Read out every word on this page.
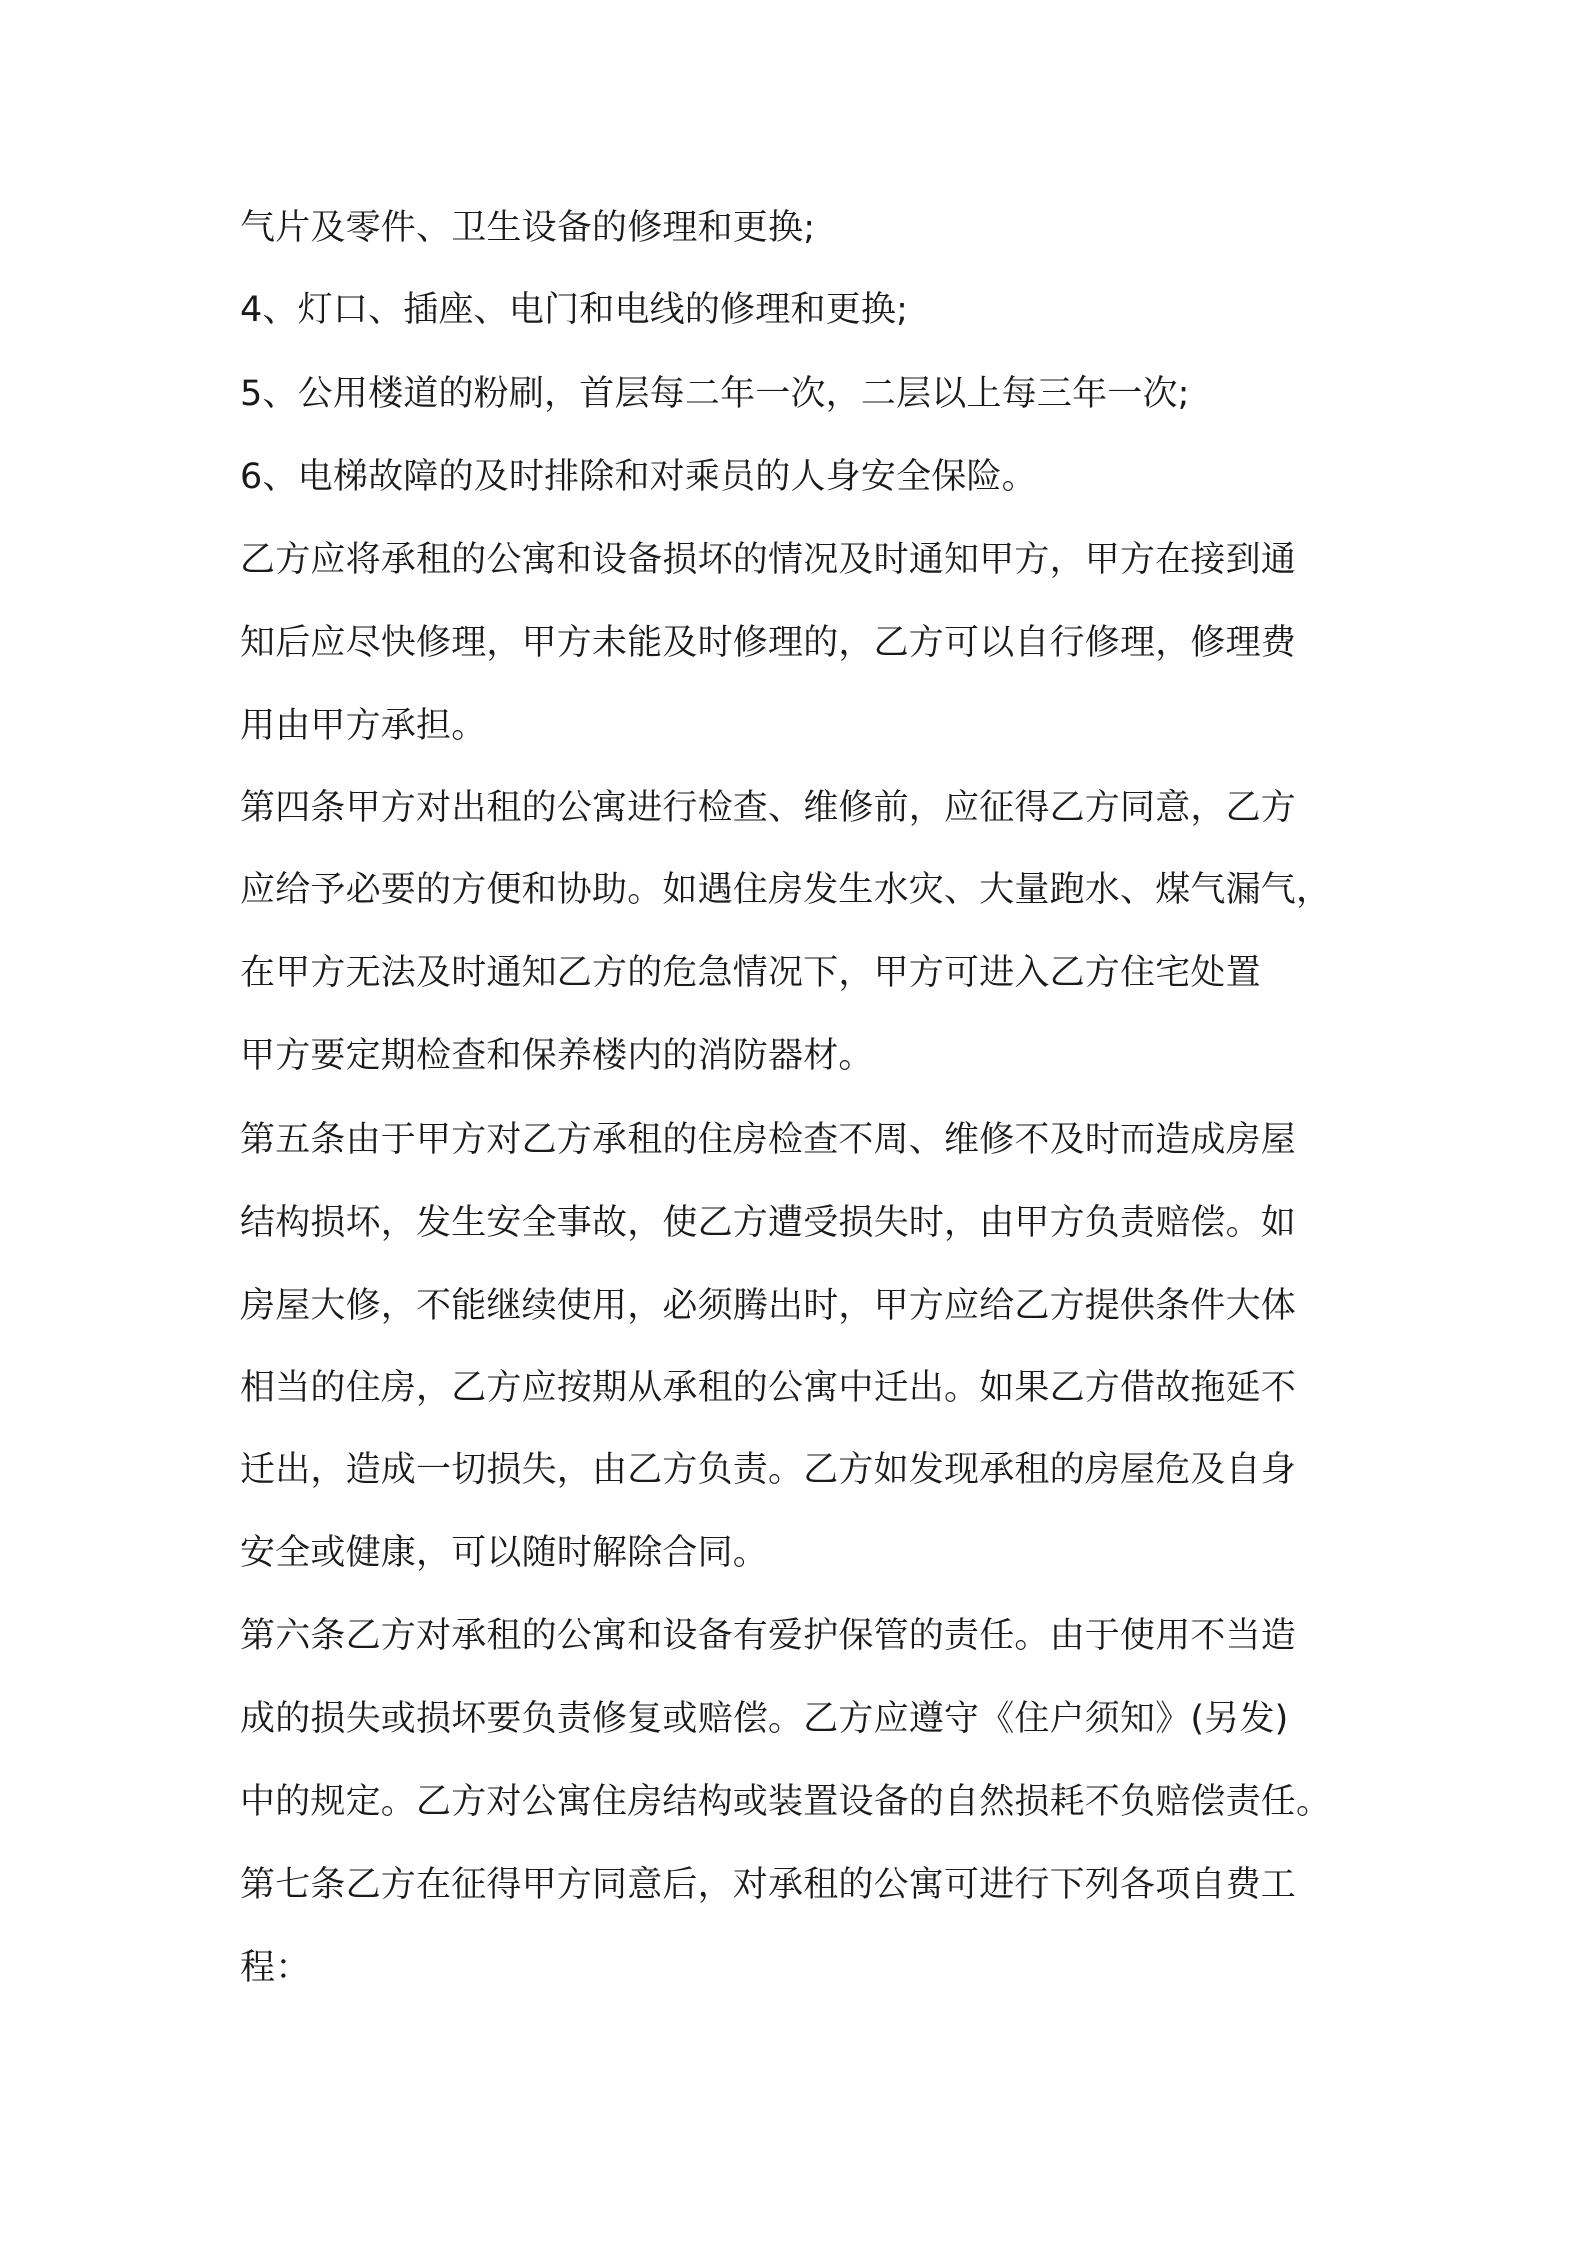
气片及零件、卫生设备的修理和更换;

4、灯口、插座、电门和电线的修理和更换;

5、公用楼道的粉刷，首层每二年一次，二层以上每三年一次;

6、电梯故障的及时排除和对乘员的人身安全保险。

乙方应将承租的公寓和设备损坏的情况及时通知甲方，甲方在接到通

知后应尽快修理，甲方未能及时修理的，乙方可以自行修理，修理费

用由甲方承担。

第四条甲方对出租的公寓进行检查、维修前，应征得乙方同意，乙方

应给予必要的方便和协助。如遇住房发生水灾、大量跑水、煤气漏气，

在甲方无法及时通知乙方的危急情况下，甲方可进入乙方住宅处置

甲方要定期检查和保养楼内的消防器材。

第五条由于甲方对乙方承租的住房检查不周、维修不及时而造成房屋

结构损坏，发生安全事故，使乙方遭受损失时，由甲方负责赔偿。如

房屋大修，不能继续使用，必须腾出时，甲方应给乙方提供条件大体

相当的住房，乙方应按期从承租的公寓中迁出。如果乙方借故拖延不

迁出，造成一切损失，由乙方负责。乙方如发现承租的房屋危及自身

安全或健康，可以随时解除合同。

第六条乙方对承租的公寓和设备有爱护保管的责任。由于使用不当造

成的损失或损坏要负责修复或赔偿。乙方应遵守《住户须知》(另发)

中的规定。乙方对公寓住房结构或装置设备的自然损耗不负赔偿责任。

第七条乙方在征得甲方同意后，对承租的公寓可进行下列各项自费工

程：
